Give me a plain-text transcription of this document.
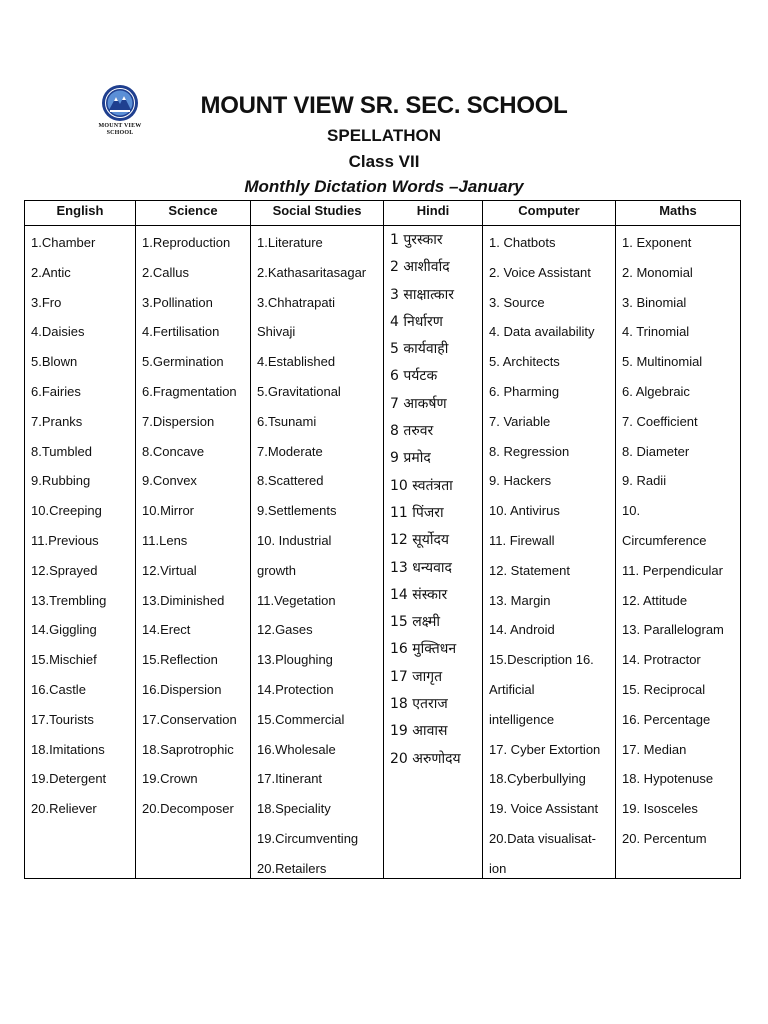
MOUNT VIEW
SCHOOL
MOUNT VIEW SR. SEC. SCHOOL
SPELLATHON
Class VII
Monthly Dictation Words –January
English
1.Chamber
2.Antic
3.Fro
4.Daisies
5.Blown
6.Fairies
7.Pranks
8.Tumbled
9.Rubbing
10.Creeping
11.Previous
12.Sprayed
13.Trembling
14.Giggling
15.Mischief
16.Castle
17.Tourists
18.Imitations
19.Detergent
20.Reliever
Science
1.Reproduction
2.Callus
3.Pollination
4.Fertilisation
5.Germination
6.Fragmentation
7.Dispersion
8.Concave
9.Convex
10.Mirror
11.Lens
12.Virtual
13.Diminished
14.Erect
15.Reflection
16.Dispersion
17.Conservation
18.Saprotrophic
19.Crown
20.Decomposer
Social Studies
1.Literature
2.Kathasaritasagar
3.Chhatrapati
Shivaji
4.Established
5.Gravitational
6.Tsunami
7.Moderate
8.Scattered
9.Settlements
10. Industrial
growth
11.Vegetation
12.Gases
13.Ploughing
14.Protection
15.Commercial
16.Wholesale
17.Itinerant
18.Speciality
19.Circumventing
20.Retailers
Hindi
1 पुरस्कार
2 आशीर्वाद
3 साक्षात्कार
4 निर्धारण
5 कार्यवाही
6 पर्यटक
7 आकर्षण
8 तरुवर
9 प्रमोद
10 स्वतंत्रता
11 पिंजरा
12 सूर्योदय
13 धन्यवाद
14 संस्कार
15 लक्ष्मी
16 मुक्तिधन
17 जागृत
18 एतराज
19 आवास
20 अरुणोदय
Computer
1. Chatbots
2. Voice Assistant
3. Source
4. Data availability
5. Architects
6. Pharming
7. Variable
8. Regression
9. Hackers
10. Antivirus
11. Firewall
12. Statement
13. Margin
14. Android
15.Description 16.
Artificial
intelligence
17. Cyber Extortion
18.Cyberbullying
19. Voice Assistant
20.Data visualisat-
ion
Maths
1. Exponent
2. Monomial
3. Binomial
4. Trinomial
5. Multinomial
6. Algebraic
7. Coefficient
8. Diameter
9. Radii
10.
Circumference
11. Perpendicular
12. Attitude
13. Parallelogram
14. Protractor
15. Reciprocal
16. Percentage
17. Median
18. Hypotenuse
19. Isosceles
20. Percentum
